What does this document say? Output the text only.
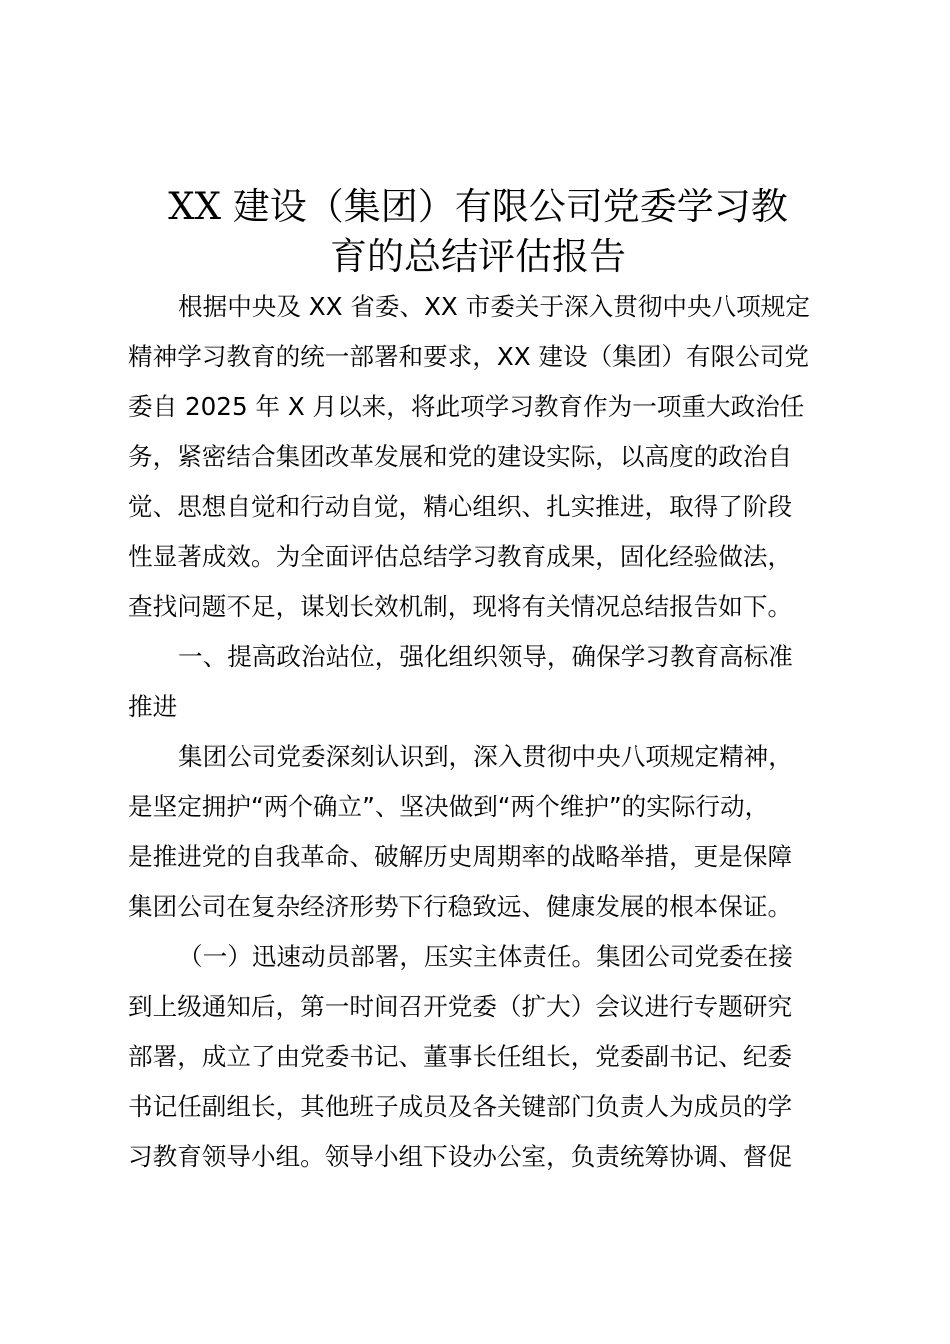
XX 建设（集团）有限公司党委学习教
育的总结评估报告

根据中央及 XX 省委、XX 市委关于深入贯彻中央八项规定
精神学习教育的统一部署和要求，XX 建设（集团）有限公司党
委自 2025 年 X 月以来，将此项学习教育作为一项重大政治任
务，紧密结合集团改革发展和党的建设实际，以高度的政治自
觉、思想自觉和行动自觉，精心组织、扎实推进，取得了阶段
性显著成效。为全面评估总结学习教育成果，固化经验做法，
查找问题不足，谋划长效机制，现将有关情况总结报告如下。

一、提高政治站位，强化组织领导，确保学习教育高标准
推进

集团公司党委深刻认识到，深入贯彻中央八项规定精神，
是坚定拥护“两个确立”、坚决做到“两个维护”的实际行动，
是推进党的自我革命、破解历史周期率的战略举措，更是保障
集团公司在复杂经济形势下行稳致远、健康发展的根本保证。

（一）迅速动员部署，压实主体责任。集团公司党委在接
到上级通知后，第一时间召开党委（扩大）会议进行专题研究
部署，成立了由党委书记、董事长任组长，党委副书记、纪委
书记任副组长，其他班子成员及各关键部门负责人为成员的学
习教育领导小组。领导小组下设办公室，负责统筹协调、督促
